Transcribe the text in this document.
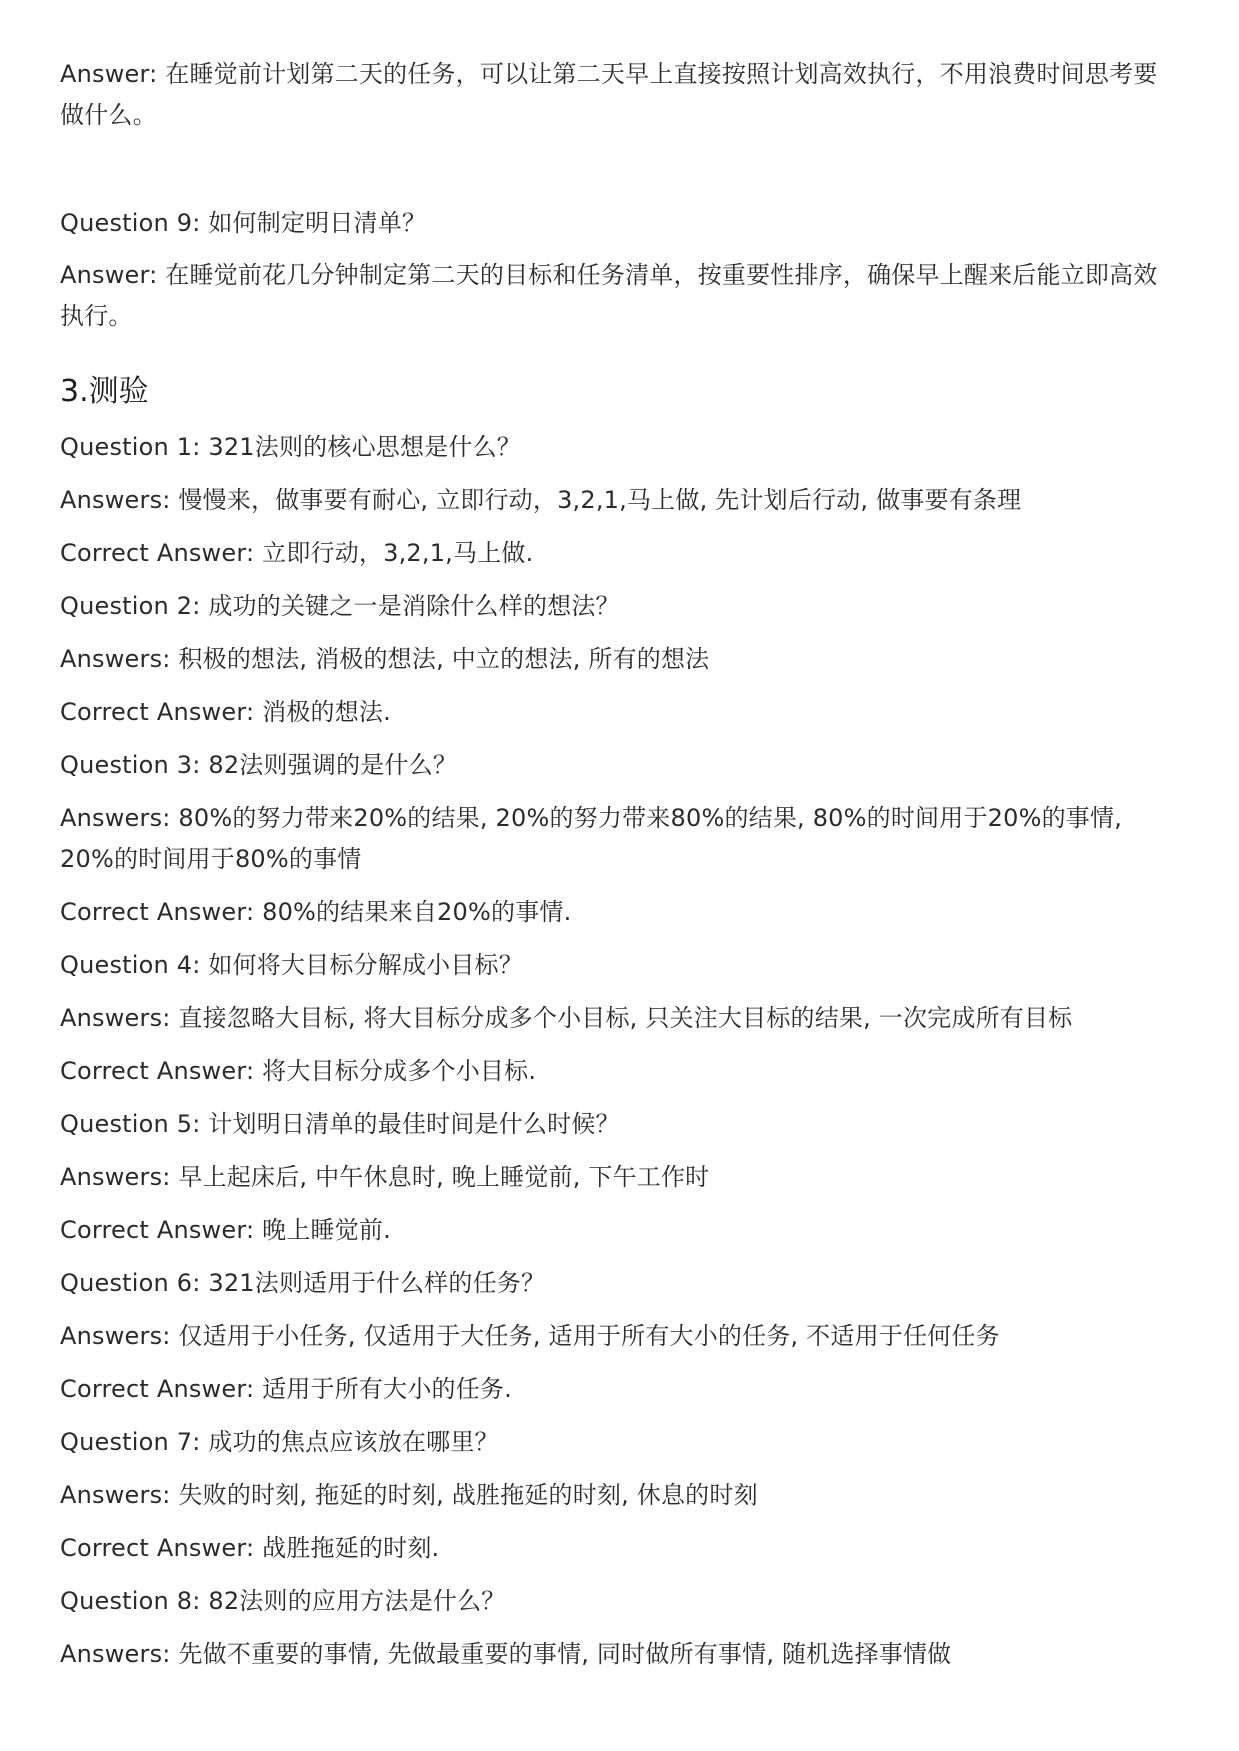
Answer: 在睡觉前计划第二天的任务，可以让第二天早上直接按照计划高效执行，不用浪费时间思考要做什么。
Question 9: 如何制定明日清单？
Answer: 在睡觉前花几分钟制定第二天的目标和任务清单，按重要性排序，确保早上醒来后能立即高效执行。
3.测验
Question 1: 321法则的核心思想是什么？
Answers: 慢慢来，做事要有耐心, 立即行动，3,2,1,马上做, 先计划后行动, 做事要有条理
Correct Answer: 立即行动，3,2,1,马上做.
Question 2: 成功的关键之一是消除什么样的想法？
Answers: 积极的想法, 消极的想法, 中立的想法, 所有的想法
Correct Answer: 消极的想法.
Question 3: 82法则强调的是什么？
Answers: 80%的努力带来20%的结果, 20%的努力带来80%的结果, 80%的时间用于20%的事情, 20%的时间用于80%的事情
Correct Answer: 80%的结果来自20%的事情.
Question 4: 如何将大目标分解成小目标？
Answers: 直接忽略大目标, 将大目标分成多个小目标, 只关注大目标的结果, 一次完成所有目标
Correct Answer: 将大目标分成多个小目标.
Question 5: 计划明日清单的最佳时间是什么时候？
Answers: 早上起床后, 中午休息时, 晚上睡觉前, 下午工作时
Correct Answer: 晚上睡觉前.
Question 6: 321法则适用于什么样的任务？
Answers: 仅适用于小任务, 仅适用于大任务, 适用于所有大小的任务, 不适用于任何任务
Correct Answer: 适用于所有大小的任务.
Question 7: 成功的焦点应该放在哪里？
Answers: 失败的时刻, 拖延的时刻, 战胜拖延的时刻, 休息的时刻
Correct Answer: 战胜拖延的时刻.
Question 8: 82法则的应用方法是什么？
Answers: 先做不重要的事情, 先做最重要的事情, 同时做所有事情, 随机选择事情做
